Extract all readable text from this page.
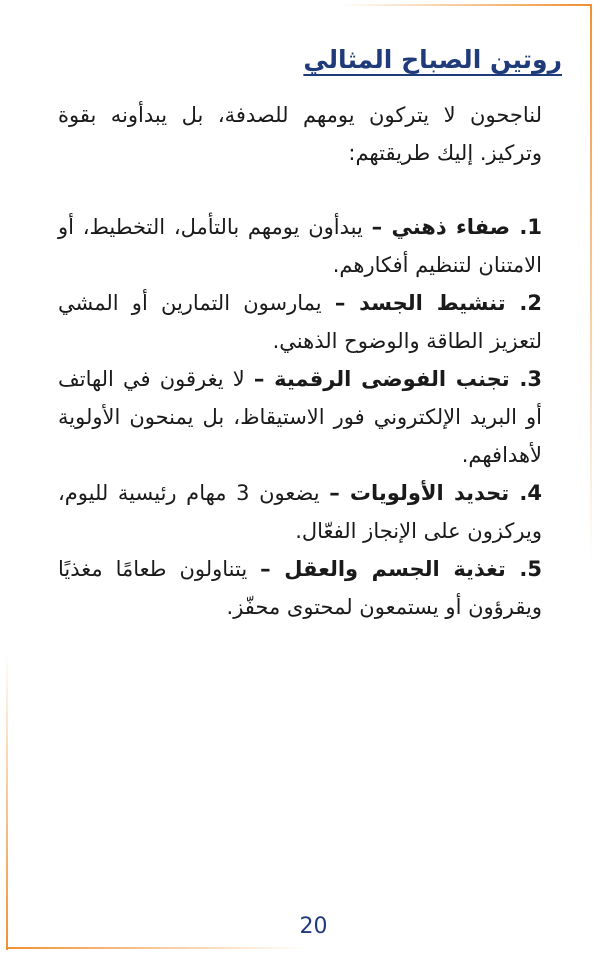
روتين الصباح المثالي

لناجحون لا يتركون يومهم للصدفة، بل يبدأونه بقوة وتركيز. إليك طريقتهم:

1. صفاء ذهني – يبدأون يومهم بالتأمل، التخطيط، أو الامتنان لتنظيم أفكارهم.

2. تنشيط الجسد – يمارسون التمارين أو المشي لتعزيز الطاقة والوضوح الذهني.

3. تجنب الفوضى الرقمية – لا يغرقون في الهاتف أو البريد الإلكتروني فور الاستيقاظ، بل يمنحون الأولوية لأهدافهم.

4. تحديد الأولويات – يضعون 3 مهام رئيسية لليوم، ويركزون على الإنجاز الفعّال.

5. تغذية الجسم والعقل – يتناولون طعامًا مغذيًا ويقرؤون أو يستمعون لمحتوى محفّز.

20
